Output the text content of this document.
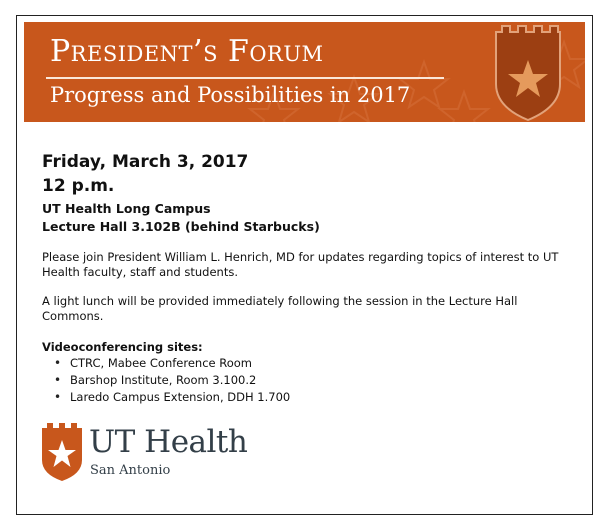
President’s Forum
Progress and Possibilities in 2017
Friday, March 3, 2017
12 p.m.
UT Health Long Campus
Lecture Hall 3.102B (behind Starbucks)

Please join President William L. Henrich, MD for updates regarding topics of interest to UT Health faculty, staff and students.

A light lunch will be provided immediately following the session in the Lecture Hall Commons.

Videoconferencing sites:
• CTRC, Mabee Conference Room
• Barshop Institute, Room 3.100.2
• Laredo Campus Extension, DDH 1.700
UT Health
San Antonio
